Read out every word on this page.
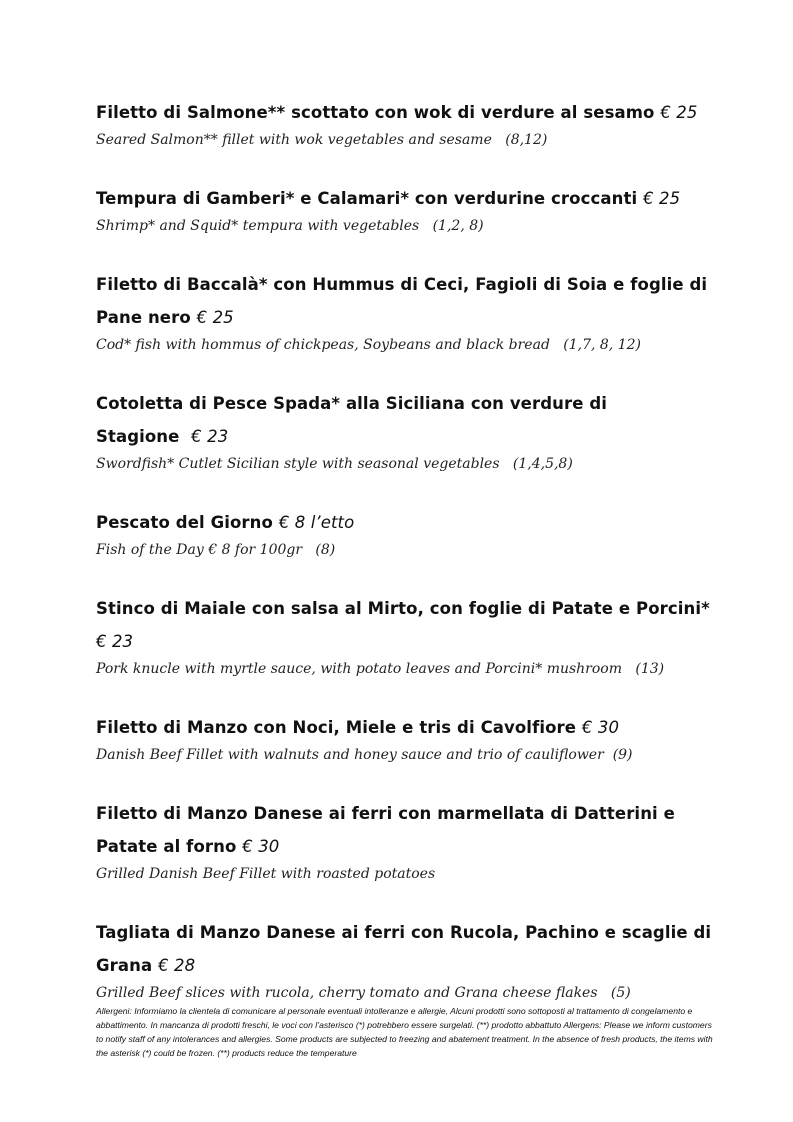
Filetto di Salmone** scottato con wok di verdure al sesamo € 25
Seared Salmon** fillet with wok vegetables and sesame (8,12)
Tempura di Gamberi* e Calamari* con verdurine croccanti € 25
Shrimp* and Squid* tempura with vegetables (1,2, 8)
Filetto di Baccalà* con Hummus di Ceci, Fagioli di Soia e foglie di Pane nero € 25
Cod* fish with hommus of chickpeas, Soybeans and black bread (1,7, 8, 12)
Cotoletta di Pesce Spada* alla Siciliana con verdure di Stagione € 23
Swordfish* Cutlet Sicilian style with seasonal vegetables (1,4,5,8)
Pescato del Giorno € 8 l’etto
Fish of the Day € 8 for 100gr (8)
Stinco di Maiale con salsa al Mirto, con foglie di Patate e Porcini* € 23
Pork knucle with myrtle sauce, with potato leaves and Porcini* mushroom (13)
Filetto di Manzo con Noci, Miele e tris di Cavolfiore € 30
Danish Beef Fillet with walnuts and honey sauce and trio of cauliflower (9)
Filetto di Manzo Danese ai ferri con marmellata di Datterini e Patate al forno € 30
Grilled Danish Beef Fillet with roasted potatoes
Tagliata di Manzo Danese ai ferri con Rucola, Pachino e scaglie di Grana € 28
Grilled Beef slices with rucola, cherry tomato and Grana cheese flakes (5)
Allergeni: Informiamo la clientela di comunicare al personale eventuali intolleranze e allergie, Alcuni prodotti sono sottoposti al trattamento di congelamento e abbattimento. In mancanza di prodotti freschi, le voci con l’asterisco (*) potrebbero essere surgelati. (**) prodotto abbattuto Allergens: Please we inform customers to notify staff of any intolerances and allergies. Some products are subjected to freezing and abatement treatment. In the absence of fresh products, the items with the asterisk (*) could be frozen. (**) products reduce the temperature
